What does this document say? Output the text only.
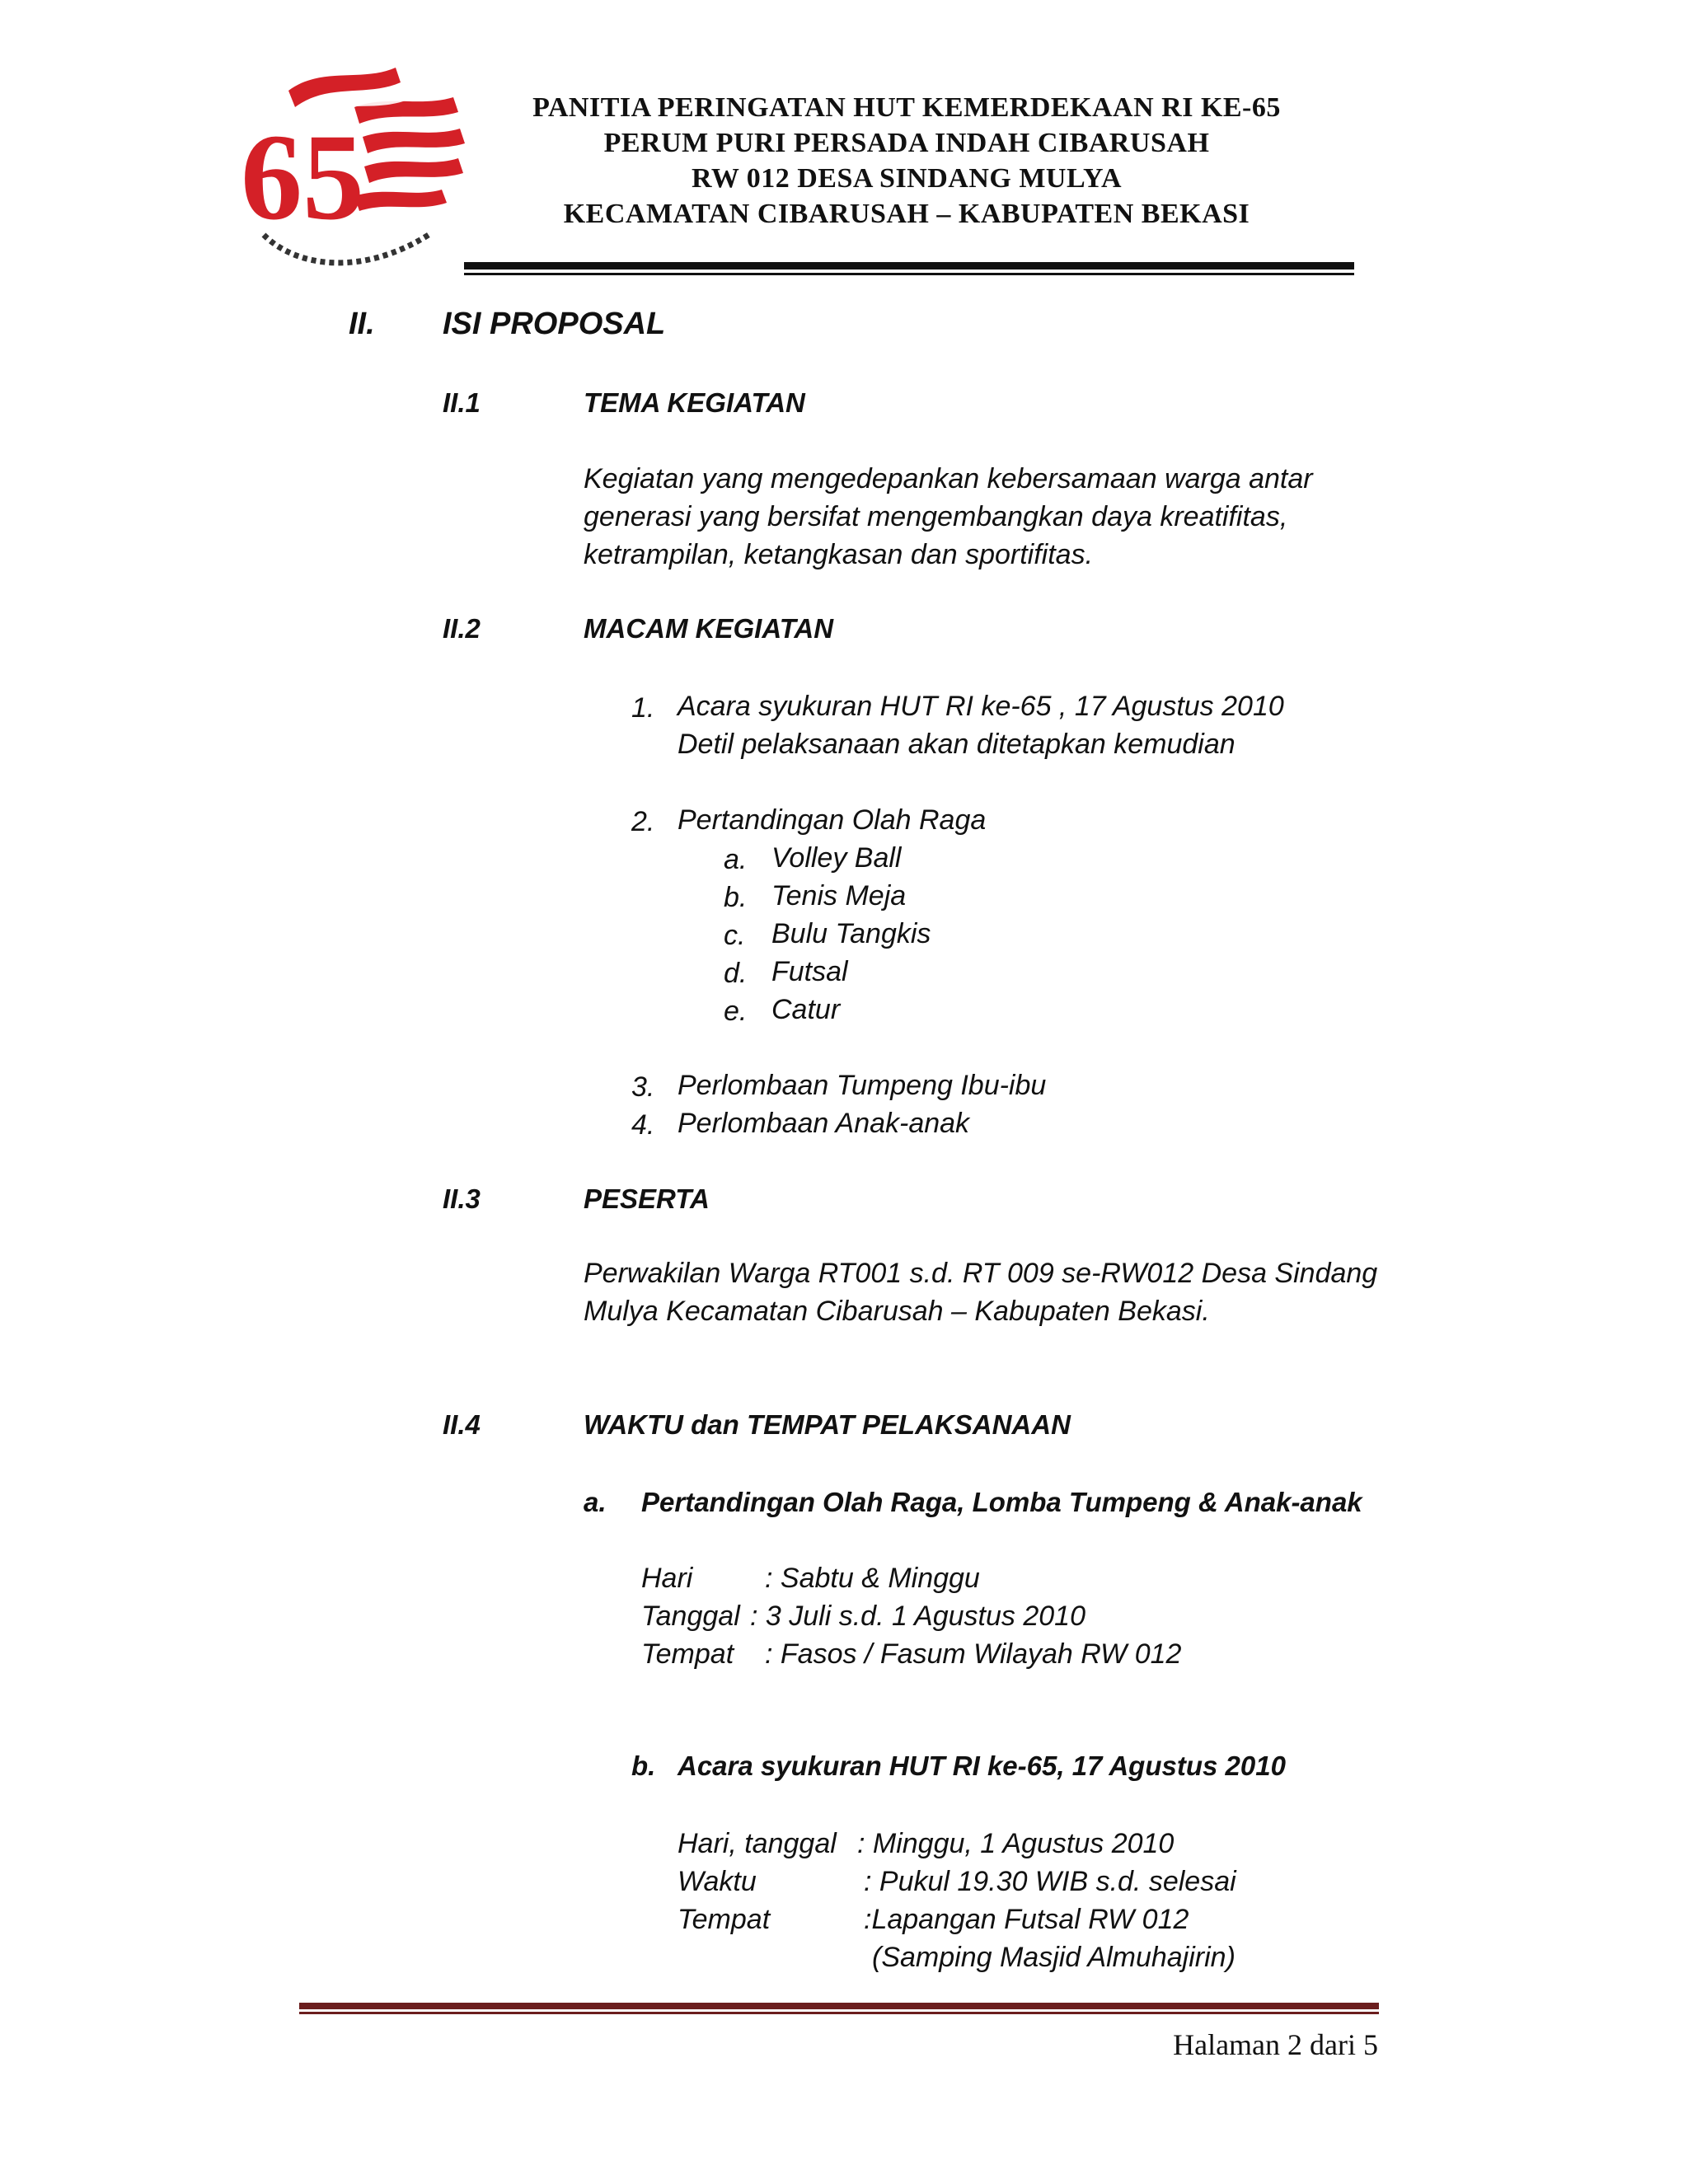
65
PANITIA PERINGATAN HUT KEMERDEKAAN RI KE-65
PERUM PURI PERSADA INDAH CIBARUSAH
RW 012 DESA SINDANG MULYA
KECAMATAN CIBARUSAH – KABUPATEN BEKASI
II. ISI PROPOSAL
II.1	TEMA KEGIATAN
Kegiatan yang mengedepankan kebersamaan warga antar
generasi yang bersifat mengembangkan daya kreatifitas,
ketrampilan, ketangkasan dan sportifitas.
II.2	MACAM KEGIATAN
1. Acara syukuran HUT RI ke-65 , 17 Agustus 2010
Detil pelaksanaan akan ditetapkan kemudian
2. Pertandingan Olah Raga
a. Volley Ball
b. Tenis Meja
c. Bulu Tangkis
d. Futsal
e. Catur
3. Perlombaan Tumpeng Ibu-ibu
4. Perlombaan Anak-anak
II.3	PESERTA
Perwakilan Warga RT001 s.d. RT 009 se-RW012 Desa Sindang
Mulya Kecamatan Cibarusah – Kabupaten Bekasi.
II.4	WAKTU dan TEMPAT PELAKSANAAN
a. Pertandingan Olah Raga, Lomba Tumpeng & Anak-anak
Hari	: Sabtu & Minggu
Tanggal : 3 Juli s.d. 1 Agustus 2010
Tempat : Fasos / Fasum Wilayah RW 012
b. Acara syukuran HUT RI ke-65, 17 Agustus 2010
Hari, tanggal : Minggu, 1 Agustus 2010
Waktu	: Pukul 19.30 WIB s.d. selesai
Tempat	:Lapangan Futsal RW 012
(Samping Masjid Almuhajirin)
Halaman 2 dari 5
